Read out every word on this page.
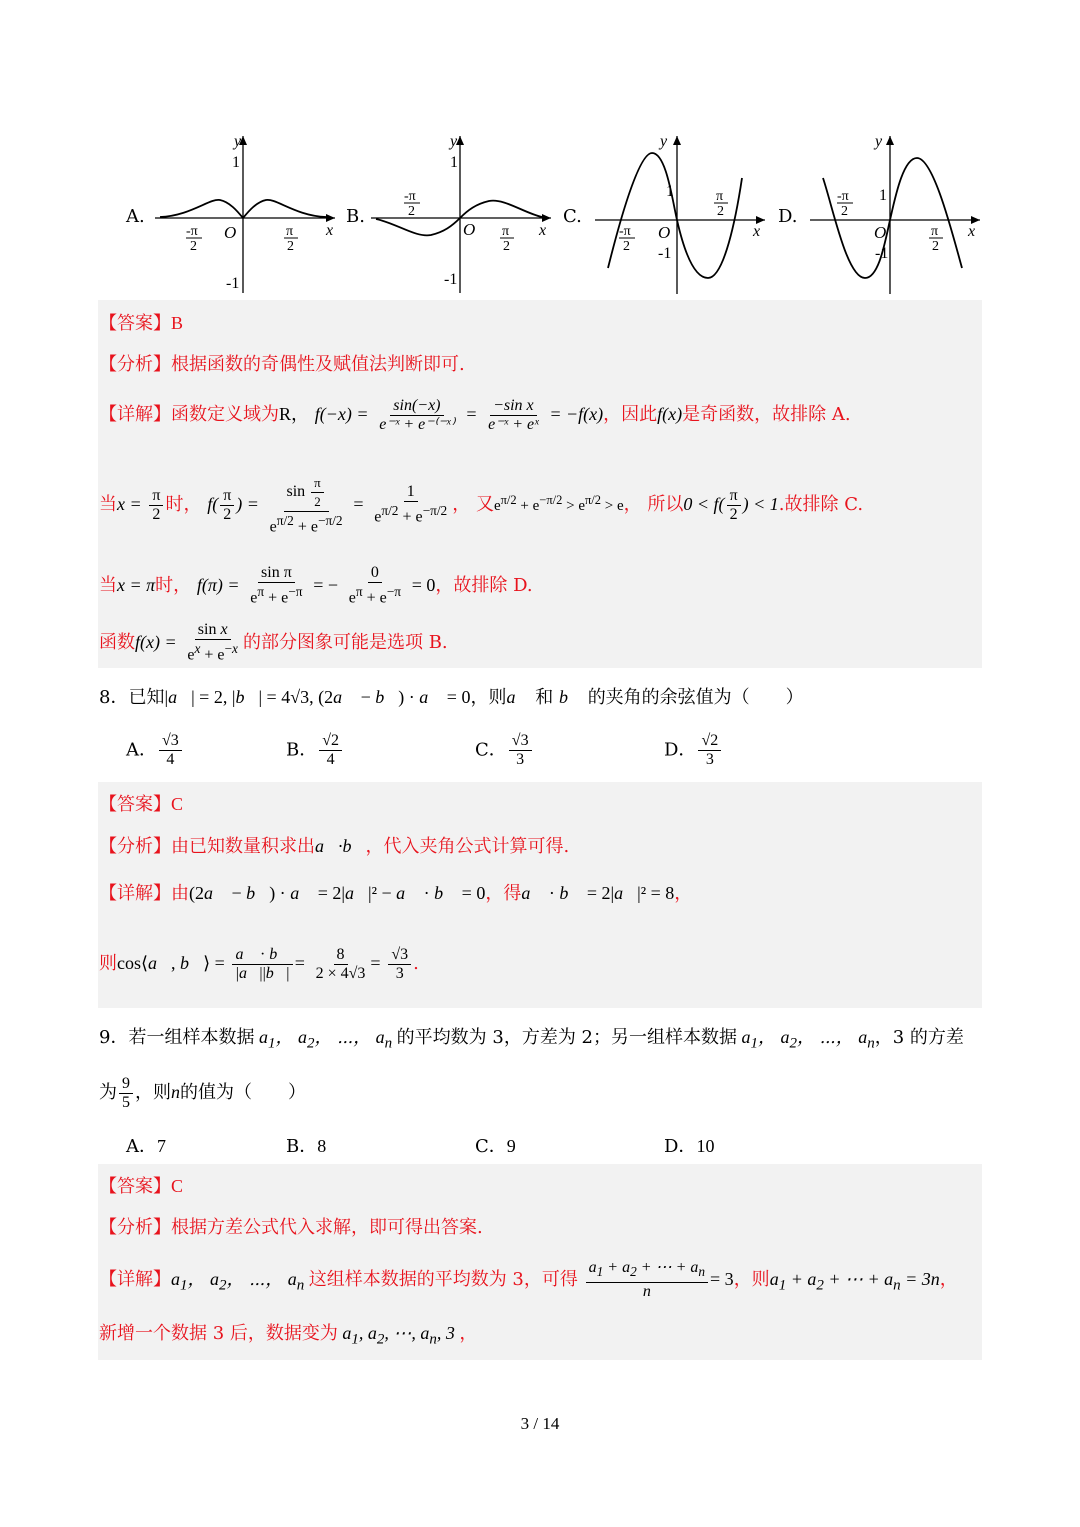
A.	B.	C.	D.
y
x
O
1
-1
-π
2
π
2
y
x
O
1
-1
-π
2
π
2
y
x
O
1
-1
-π
2
π
2
y
x
O
1
-1
-π
2
π
2
【答案】B
【分析】根据函数的奇偶性及赋值法判断即可.
【详解】函数定义域为R， $f(-x) = \frac{\sin(-x)}{\text{e⁻ˣ + e⁻⁽⁻ˣ⁾}} = \frac{\text{−sin x}}{\text{e⁻ˣ + eˣ}} = -f(x)$，因此f(x)是奇函数，故排除 A.
当$x = \frac{\pi}{2}$ 时， $f( \frac{\pi}{2}$ ) = $\frac{\sin \frac{\pi}{2}}{e^{\pi/2} + e^{-\pi/2}} = \frac{1}{e^{\pi/2} + e^{-\pi/2}}$ ， 又$e^{\pi/2} + e^{-\pi/2} > e^{\pi/2} > e$， 所以$0 < f( \frac{\pi}{2}$ ) < 1.故排除 C.
当x = π时， $f(\pi) = \frac{\text{sin π}}{e^\pi + e^{-\pi}}$ = − $\frac{0}{e^\pi + e^{-\pi}} = 0$，故排除 D.
函数$f(x) = \frac{\text{sin x}}{e^x + e^{-x}}$ 的部分图象可能是选项 B.
8．已知|a⃗| = 2, |b⃗| = 4√3, (2a⃗ − b⃗) · a⃗ = 0，则a⃗ 和 b⃗ 的夹角的余弦值为（　　）
A． $\frac{√3}{4}$	B． $\frac{√2}{4}$	C． $\frac{√3}{3}$	D． $\frac{√2}{3}$
【答案】C
【分析】由已知数量积求出a⃗·b⃗，代入夹角公式计算可得.
【详解】由(2a⃗ − b⃗) · a⃗ = 2|a⃗|² − a⃗ · b⃗ = 0，得a⃗ · b⃗ = 2|a⃗|² = 8，
则cos⟨a⃗, b⃗⟩ = $\frac{a⃗ \cdot b⃗}{|a⃗||b⃗|} = \frac{8}{2 \times 4√3} = \frac{√3}{3}$ .
9．若一组样本数据 $a_1$， $a_2$， ⋯， $a_n$ 的平均数为 3，方差为 2；另一组样本数据 $a_1$， $a_2$， ⋯， $a_n$，3 的方差
为 $\frac{9}{5}$ ，则n的值为（　　）
A．7	B．8	C．9	D．10
【答案】C
【分析】根据方差公式代入求解，即可得出答案.
【详解】$a_1$， $a_2$， ⋯， $a_n$ 这组样本数据的平均数为 3，可得 $\frac{a_1 + a_2 + \cdots + a_n}{n} = 3$，则$a_1 + a_2$ + ⋯ + $a_n = 3n$，
新增一个数据 3 后，数据变为 $a_1$, $a_2$, ⋯, $a_n$, 3 ，
3 / 14
